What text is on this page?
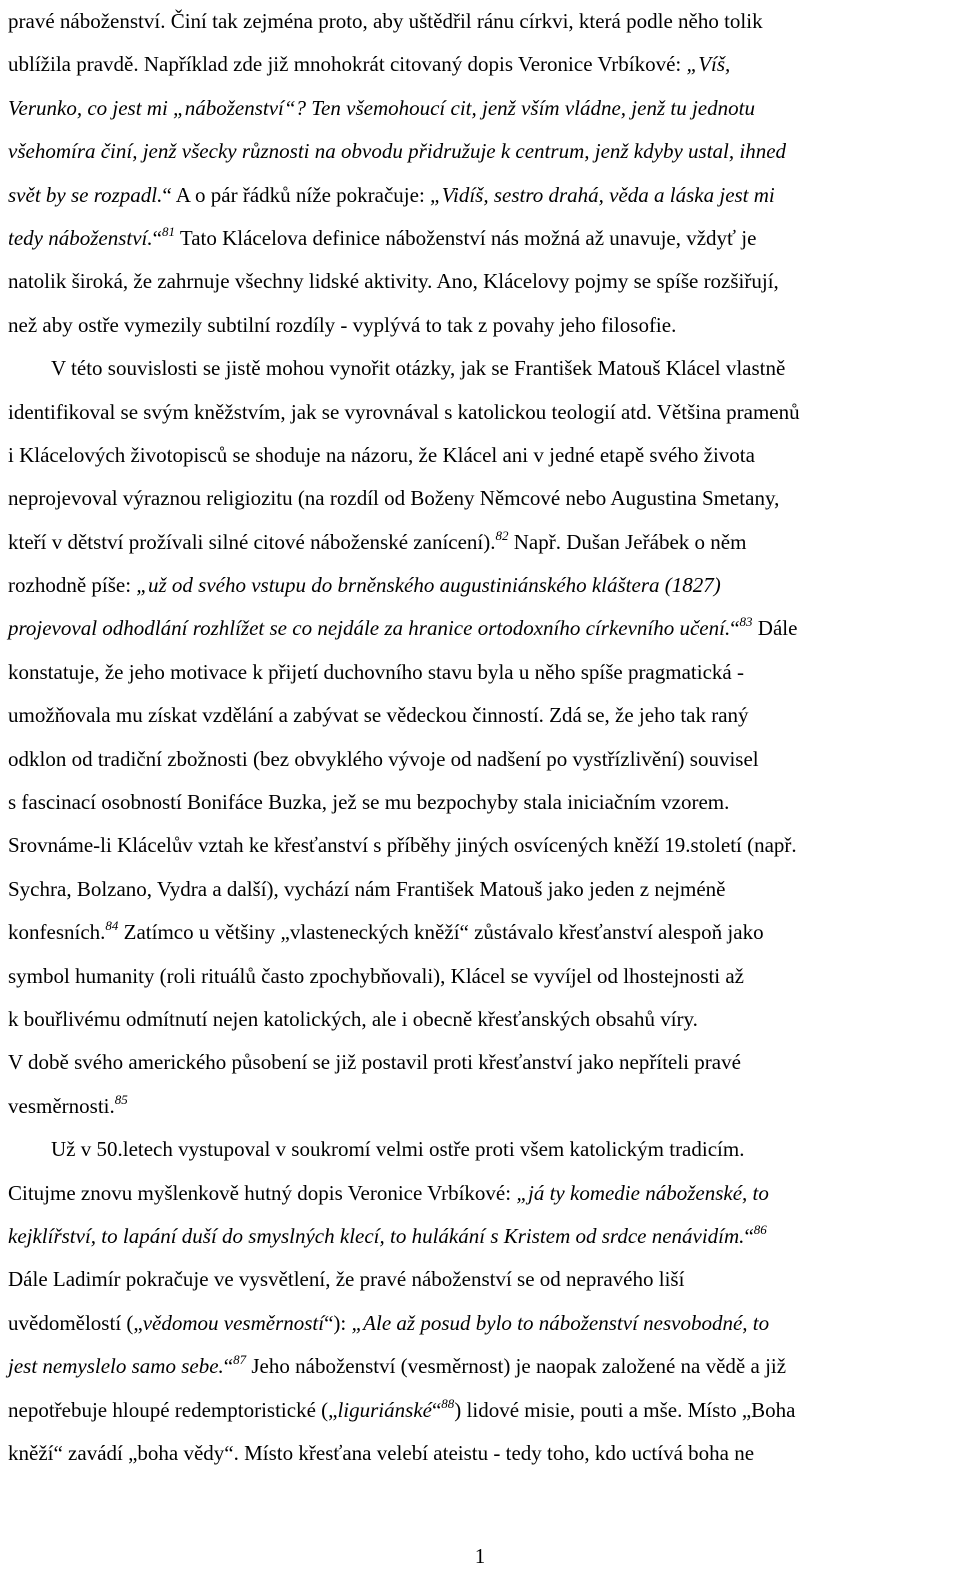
pravé náboženství. Činí tak zejména proto, aby uštědřil ránu církvi, která podle něho tolik
ublížila pravdě. Například zde již mnohokrát citovaný dopis Veronice Vrbíkové: „Víš,
Verunko, co jest mi „náboženství“? Ten všemohoucí cit, jenž vším vládne, jenž tu jednotu
všehomíra činí, jenž všecky různosti na obvodu přidružuje k centrum, jenž kdyby ustal, ihned
svět by se rozpadl.“ A o pár řádků níže pokračuje: „Vidíš, sestro drahá, věda a láska jest mi
tedy náboženství.“$^{81}$ Tato Klácelova definice náboženství nás možná až unavuje, vždyť je
natolik široká, že zahrnuje všechny lidské aktivity. Ano, Klácelovy pojmy se spíše rozšiřují,
než aby ostře vymezily subtilní rozdíly - vyplývá to tak z povahy jeho filosofie.
V této souvislosti se jistě mohou vynořit otázky, jak se František Matouš Klácel vlastně
identifikoval se svým kněžstvím, jak se vyrovnával s katolickou teologií atd. Většina pramenů
i Klácelových životopisců se shoduje na názoru, že Klácel ani v jedné etapě svého života
neprojevoval výraznou religiozitu (na rozdíl od Boženy Němcové nebo Augustina Smetany,
kteří v dětství prožívali silné citové náboženské zanícení).$^{82}$ Např. Dušan Jeřábek o něm
rozhodně píše: „už od svého vstupu do brněnského augustiniánského kláštera (1827)
projevoval odhodlání rozhlížet se co nejdále za hranice ortodoxního církevního učení.“$^{83}$ Dále
konstatuje, že jeho motivace k přijetí duchovního stavu byla u něho spíše pragmatická -
umožňovala mu získat vzdělání a zabývat se vědeckou činností. Zdá se, že jeho tak raný
odklon od tradiční zbožnosti (bez obvyklého vývoje od nadšení po vystřízlivění) souvisel
s fascinací osobností Bonifáce Buzka, jež se mu bezpochyby stala iniciačním vzorem.
Srovnáme-li Klácelův vztah ke křesťanství s příběhy jiných osvícených kněží 19.století (např.
Sychra, Bolzano, Vydra a další), vychází nám František Matouš jako jeden z nejméně
konfesních.$^{84}$ Zatímco u většiny „vlasteneckých kněží“ zůstávalo křesťanství alespoň jako
symbol humanity (roli rituálů často zpochybňovali), Klácel se vyvíjel od lhostejnosti až
k bouřlivému odmítnutí nejen katolických, ale i obecně křesťanských obsahů víry.
V době svého amerického působení se již postavil proti křesťanství jako nepříteli pravé
vesměrnosti.$^{85}$
Už v 50.letech vystupoval v soukromí velmi ostře proti všem katolickým tradicím.
Citujme znovu myšlenkově hutný dopis Veronice Vrbíkové: „já ty komedie náboženské, to
kejklířství, to lapání duší do smyslných klecí, to hulákání s Kristem od srdce nenávidím.“$^{86}$
Dále Ladimír pokračuje ve vysvětlení, že pravé náboženství se od nepravého liší
uvědomělostí („vědomou vesměrností“): „Ale až posud bylo to náboženství nesvobodné, to
jest nemyslelo samo sebe.“$^{87}$ Jeho náboženství (vesměrnost) je naopak založené na vědě a již
nepotřebuje hloupé redemptoristické („liguriánské“$^{88}$) lidové misie, pouti a mše. Místo „Boha
kněží“ zavádí „boha vědy“. Místo křesťana velebí ateistu - tedy toho, kdo uctívá boha ne
1
